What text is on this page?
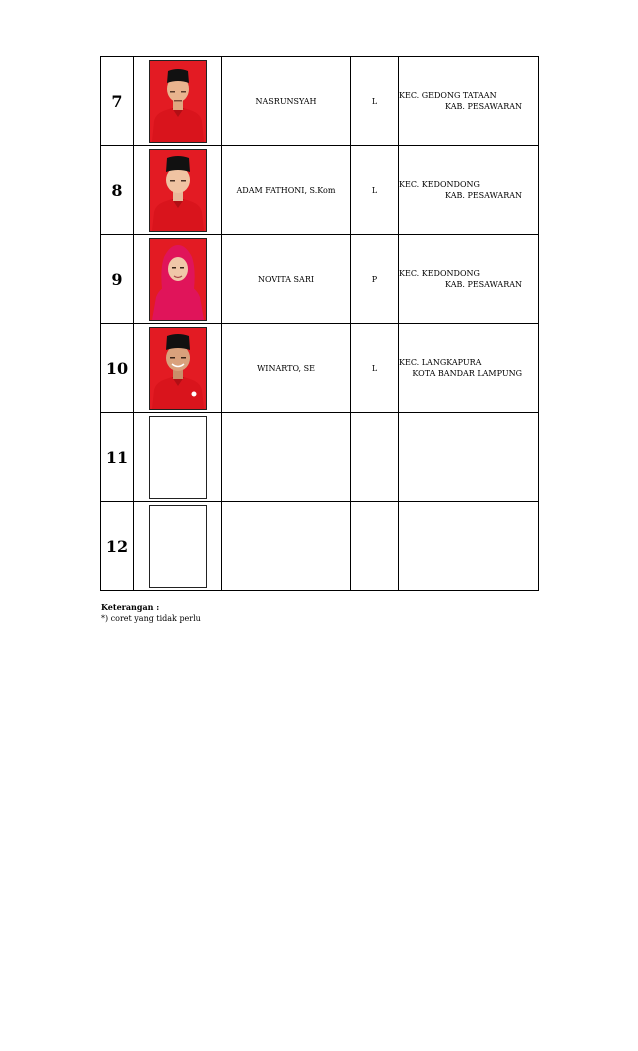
7		NASRUNSYAH	L	KEC. GEDONG TATAAN

KAB. PESAWARAN

8		ADAM FATHONI, S.Kom	L	KEC. KEDONDONG

KAB. PESAWARAN

9		NOVITA SARI	P	KEC. KEDONDONG

KAB. PESAWARAN

10		WINARTO, SE	L	KEC. LANGKAPURA

KOTA BANDAR LAMPUNG

11	

12	

Keterangan :
*) coret yang tidak perlu
